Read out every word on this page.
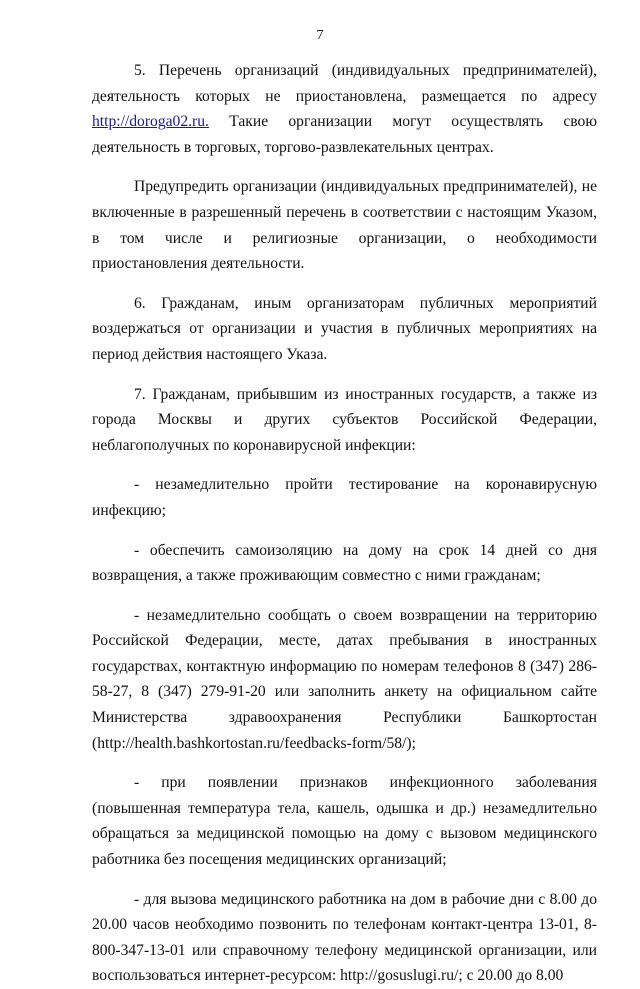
7

5. Перечень организаций (индивидуальных предпринимателей), деятельность которых не приостановлена, размещается по адресу http://doroga02.ru. Такие организации могут осуществлять свою деятельность в торговых, торгово-развлекательных центрах.

Предупредить организации (индивидуальных предпринимателей), не включенные в разрешенный перечень в соответствии с настоящим Указом, в том числе и религиозные организации, о необходимости приостановления деятельности.

6. Гражданам, иным организаторам публичных мероприятий воздержаться от организации и участия в публичных мероприятиях на период действия настоящего Указа.

7. Гражданам, прибывшим из иностранных государств, а также из города Москвы и других субъектов Российской Федерации, неблагополучных по коронавирусной инфекции:

- незамедлительно пройти тестирование на коронавирусную инфекцию;

- обеспечить самоизоляцию на дому на срок 14 дней со дня возвращения, а также проживающим совместно с ними гражданам;

- незамедлительно сообщать о своем возвращении на территорию Российской Федерации, месте, датах пребывания в иностранных государствах, контактную информацию по номерам телефонов 8 (347) 286-58-27, 8 (347) 279-91-20 или заполнить анкету на официальном сайте Министерства здравоохранения Республики Башкортостан (http://health.bashkortostan.ru/feedbacks-form/58/);

- при появлении признаков инфекционного заболевания (повышенная температура тела, кашель, одышка и др.) незамедлительно обращаться за медицинской помощью на дому с вызовом медицинского работника без посещения медицинских организаций;

- для вызова медицинского работника на дом в рабочие дни с 8.00 до 20.00 часов необходимо позвонить по телефонам контакт-центра 13-01, 8-800-347-13-01 или справочному телефону медицинской организации, или воспользоваться интернет-ресурсом: http://gosuslugi.ru/; с 20.00 до 8.00
